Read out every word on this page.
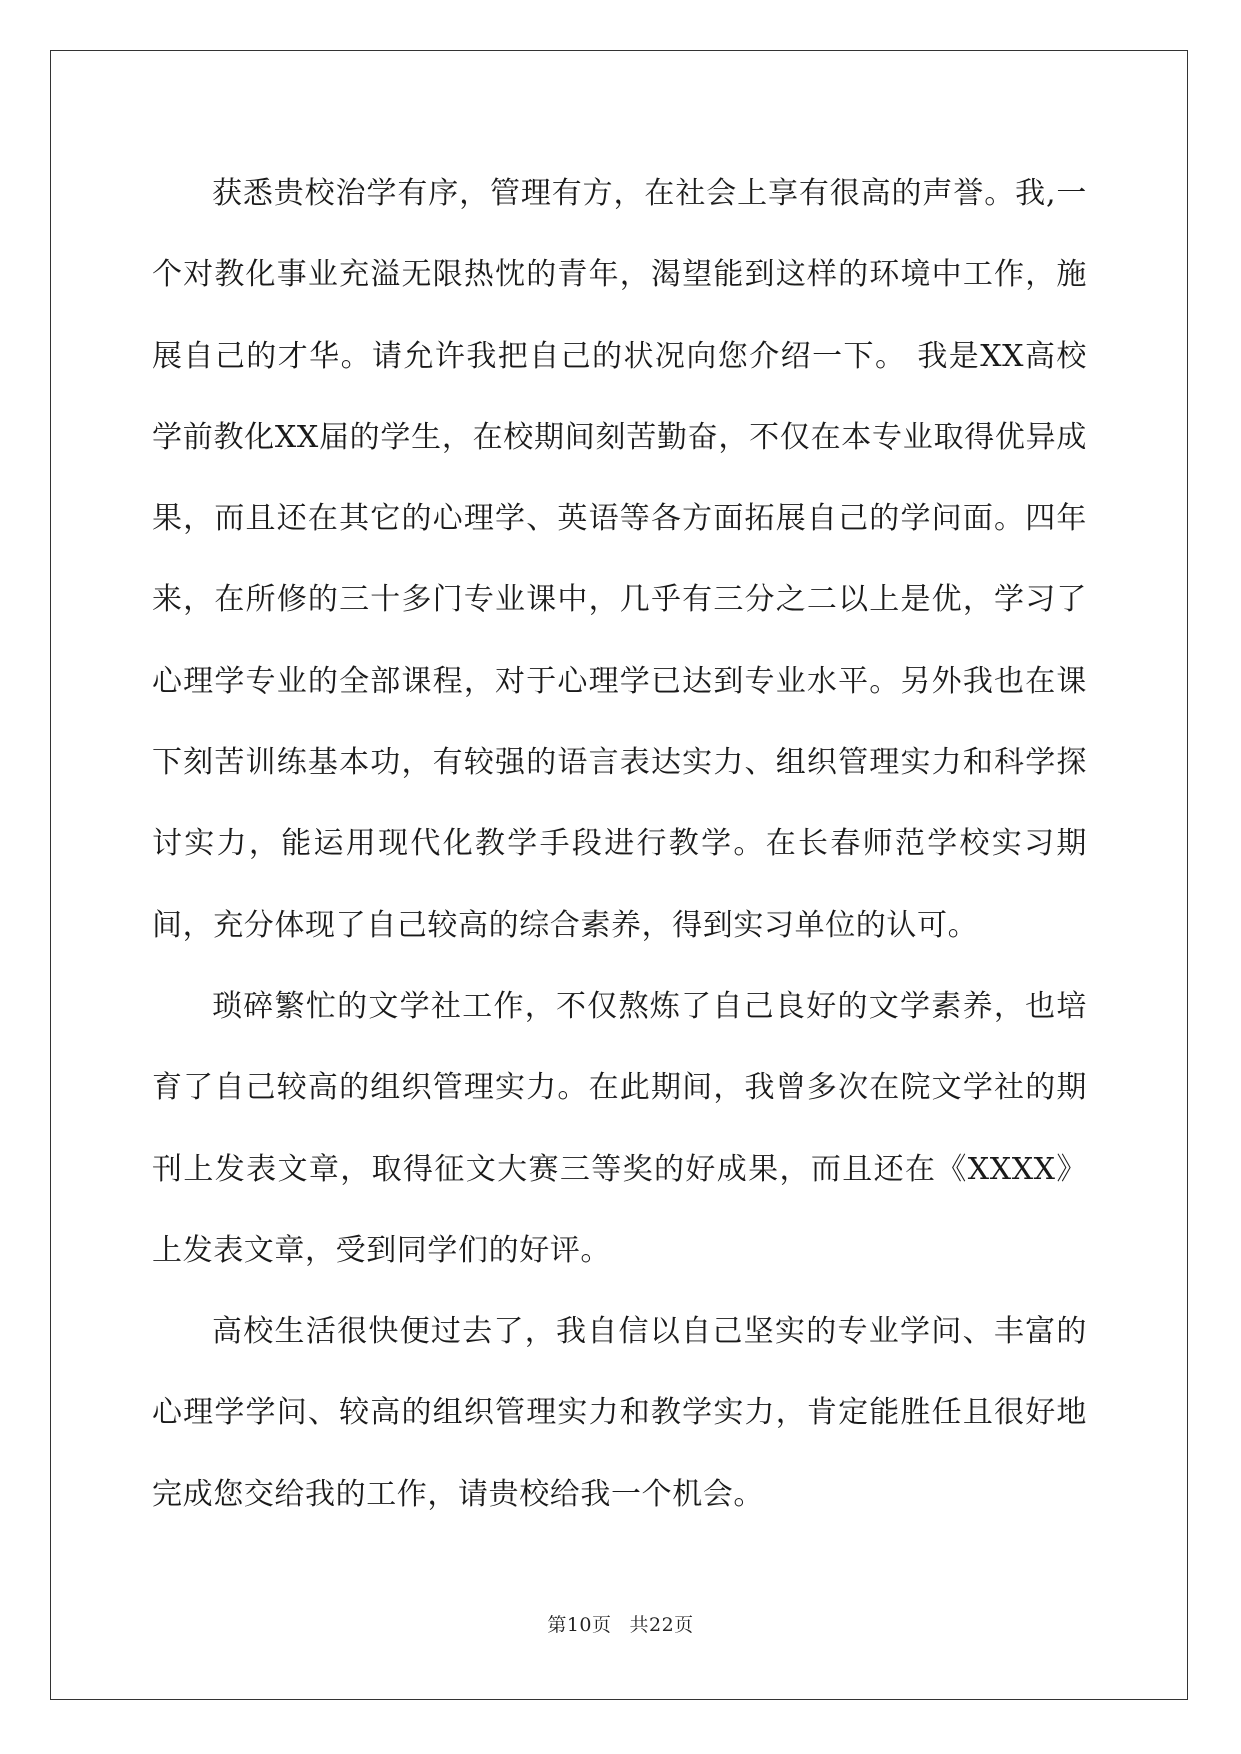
获悉贵校治学有序，管理有方，在社会上享有很高的声誉。我,一个对教化事业充溢无限热忱的青年，渴望能到这样的环境中工作，施展自己的才华。请允许我把自己的状况向您介绍一下。 我是XX高校学前教化XX届的学生，在校期间刻苦勤奋，不仅在本专业取得优异成果，而且还在其它的心理学、英语等各方面拓展自己的学问面。四年来，在所修的三十多门专业课中，几乎有三分之二以上是优，学习了心理学专业的全部课程，对于心理学已达到专业水平。另外我也在课下刻苦训练基本功，有较强的语言表达实力、组织管理实力和科学探讨实力，能运用现代化教学手段进行教学。在长春师范学校实习期间，充分体现了自己较高的综合素养，得到实习单位的认可。

琐碎繁忙的文学社工作，不仅熬炼了自己良好的文学素养，也培育了自己较高的组织管理实力。在此期间，我曾多次在院文学社的期刊上发表文章，取得征文大赛三等奖的好成果，而且还在《XXXX》上发表文章，受到同学们的好评。

高校生活很快便过去了，我自信以自己坚实的专业学问、丰富的心理学学问、较高的组织管理实力和教学实力，肯定能胜任且很好地完成您交给我的工作，请贵校给我一个机会。

第10页 共22页
